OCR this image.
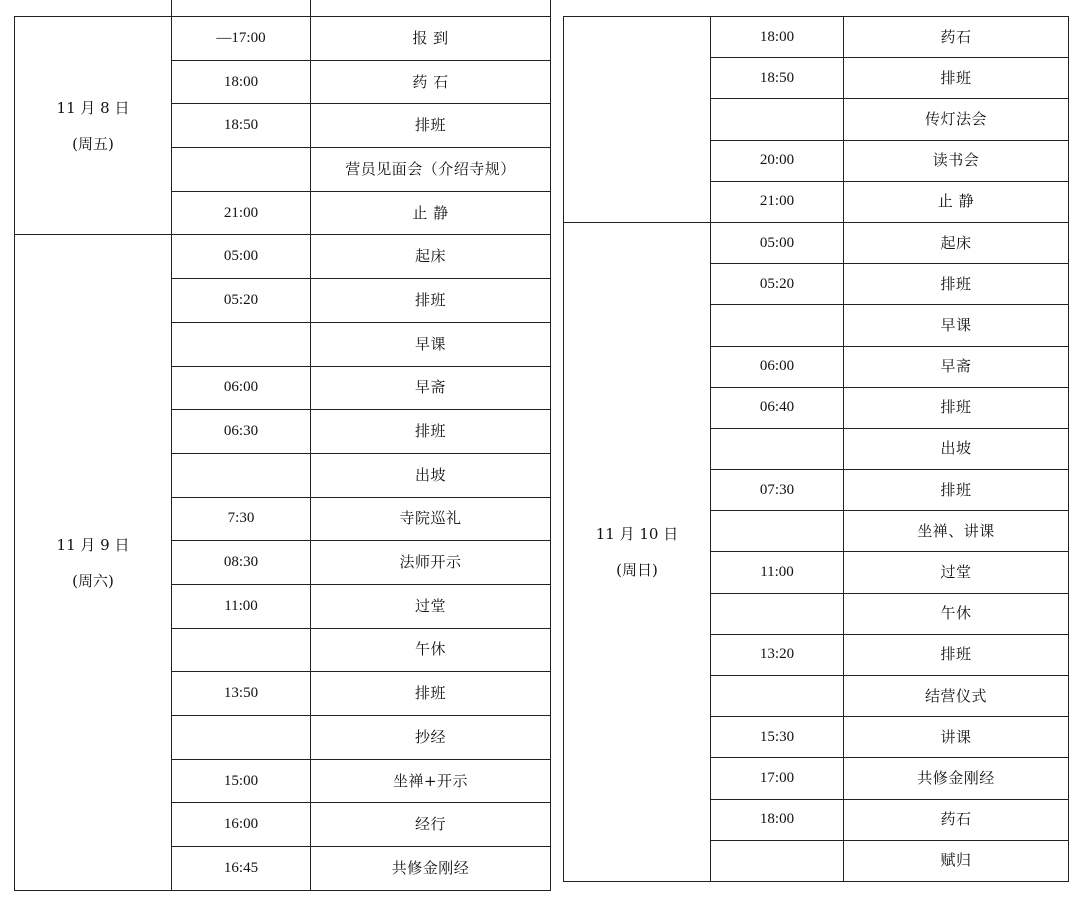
11 月 8 日
(周五)	—17:00	报 到
	18:00	药 石
	18:50	排班
		营员见面会（介绍寺规）
	21:00	止 静

11 月 9 日
(周六)	05:00	起床
	05:20	排班
		早课
	06:00	早斋
	06:30	排班
		出坡
	7:30	寺院巡礼
	08:30	法师开示
	11:00	过堂
		午休
	13:50	排班
		抄经
	15:00	坐禅+开示
	16:00	经行
	16:45	共修金刚经
	18:00	药石
	18:50	排班
		传灯法会
	20:00	读书会
	21:00	止 静

11 月 10 日
(周日)	05:00	起床
	05:20	排班
		早课
	06:00	早斋
	06:40	排班
		出坡
	07:30	排班
		坐禅、讲课
	11:00	过堂
		午休
	13:20	排班
		结营仪式
	15:30	讲课
	17:00	共修金刚经
	18:00	药石
		赋归
